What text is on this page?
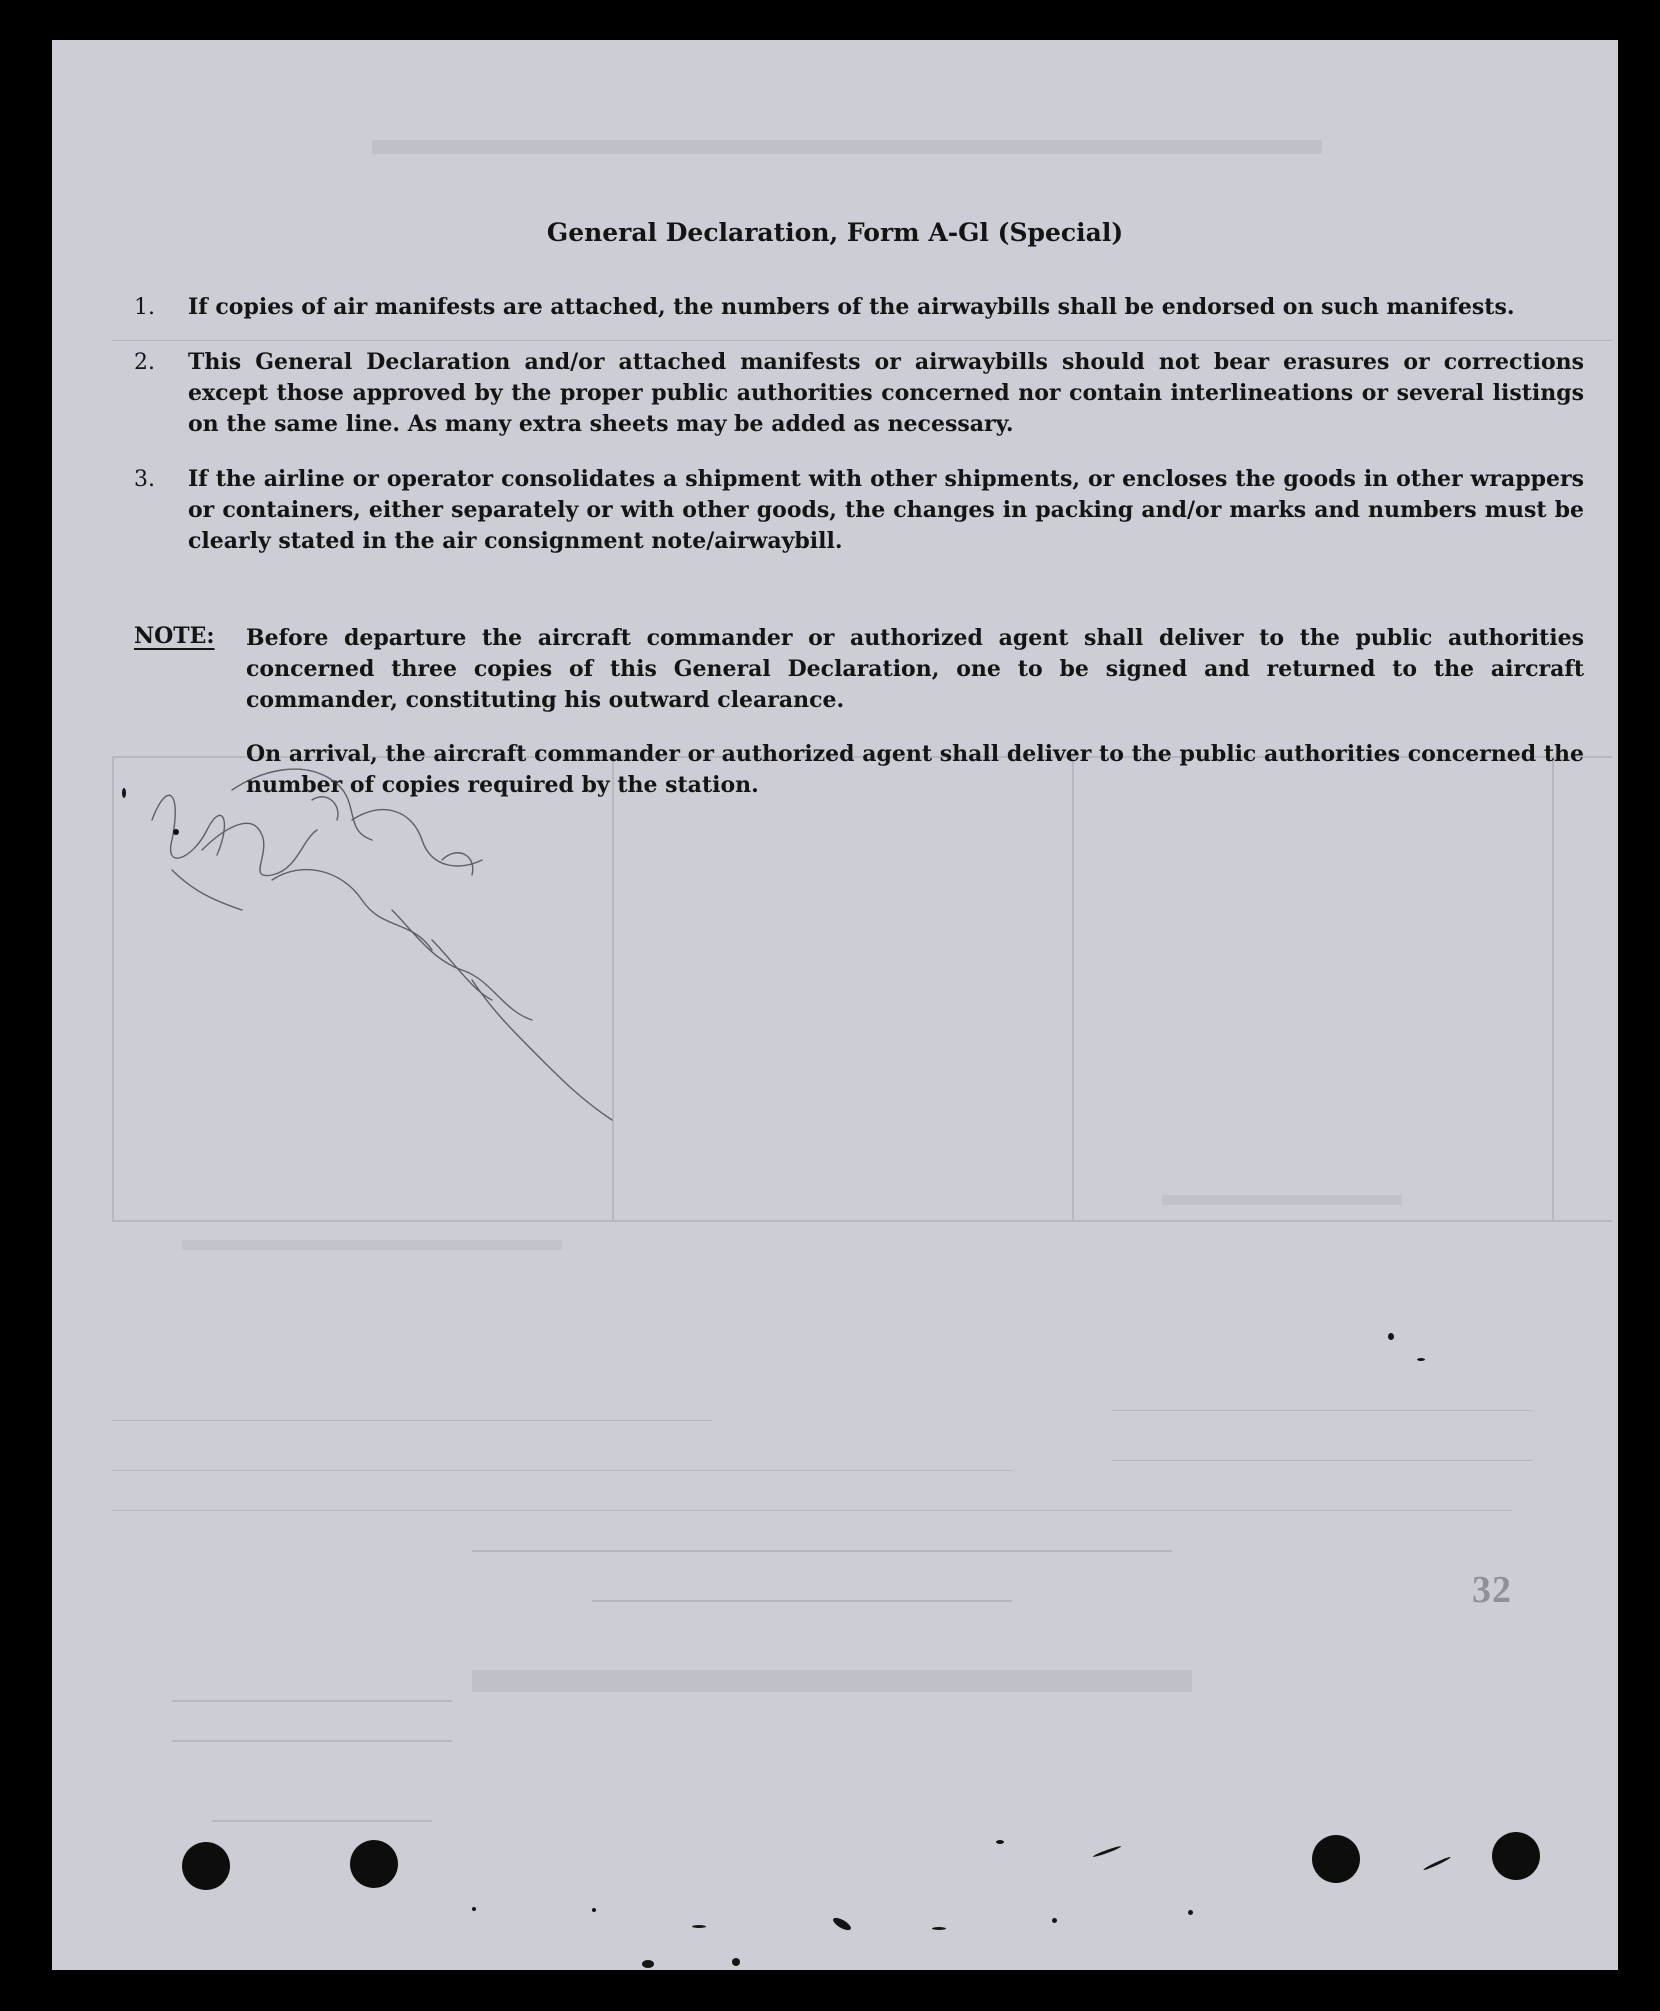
General Declaration, Form A-Gl (Special)
1.	If copies of air manifests are attached, the numbers of the airwaybills shall be endorsed on such manifests.
2.	This General Declaration and/or attached manifests or airwaybills should not bear erasures or corrections except those approved by the proper public authorities concerned nor contain interlineations or several listings on the same line. As many extra sheets may be added as necessary.
3.	If the airline or operator consolidates a shipment with other shipments, or encloses the goods in other wrappers or containers, either separately or with other goods, the changes in packing and/or marks and numbers must be clearly stated in the air consignment note/airwaybill.
NOTE: Before departure the aircraft commander or authorized agent shall deliver to the public authorities concerned three copies of this General Declaration, one to be signed and returned to the aircraft commander, constituting his outward clearance.
On arrival, the aircraft commander or authorized agent shall deliver to the public authorities concerned the number of copies required by the station.
32
